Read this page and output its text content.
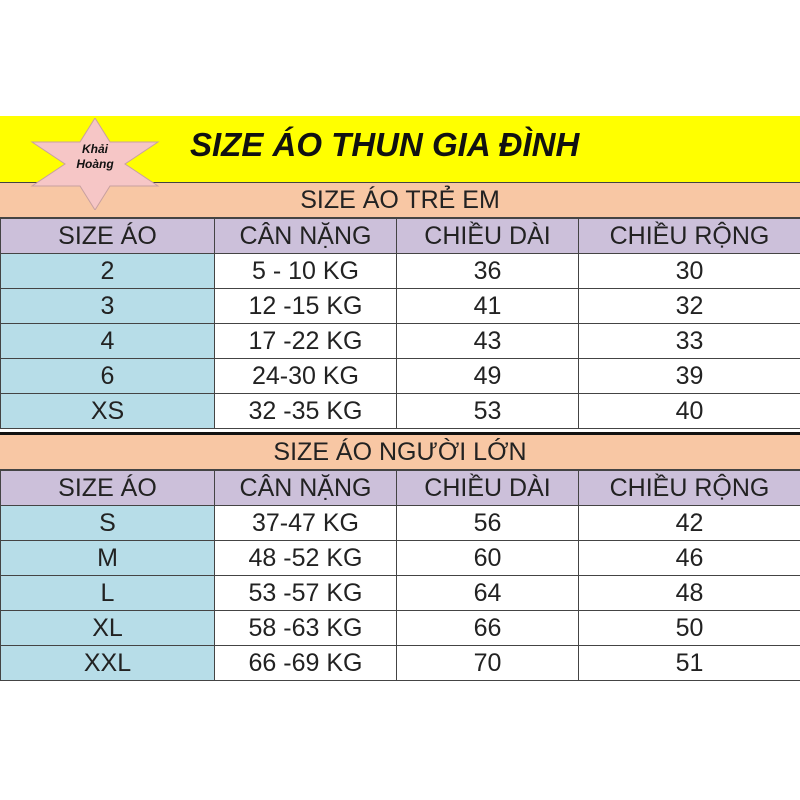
SIZE ÁO THUN GIA ĐÌNH
Khải
Hoàng
SIZE ÁO TRẺ EM
SIZE ÁO	CÂN NẶNG	CHIỀU DÀI	CHIỀU RỘNG
2	5 - 10 KG	36	30
3	12 -15 KG	41	32
4	17 -22 KG	43	33
6	24-30 KG	49	39
XS	32 -35 KG	53	40
SIZE ÁO NGƯỜI LỚN
SIZE ÁO	CÂN NẶNG	CHIỀU DÀI	CHIỀU RỘNG
S	37-47 KG	56	42
M	48 -52 KG	60	46
L	53 -57 KG	64	48
XL	58 -63 KG	66	50
XXL	66 -69 KG	70	51
